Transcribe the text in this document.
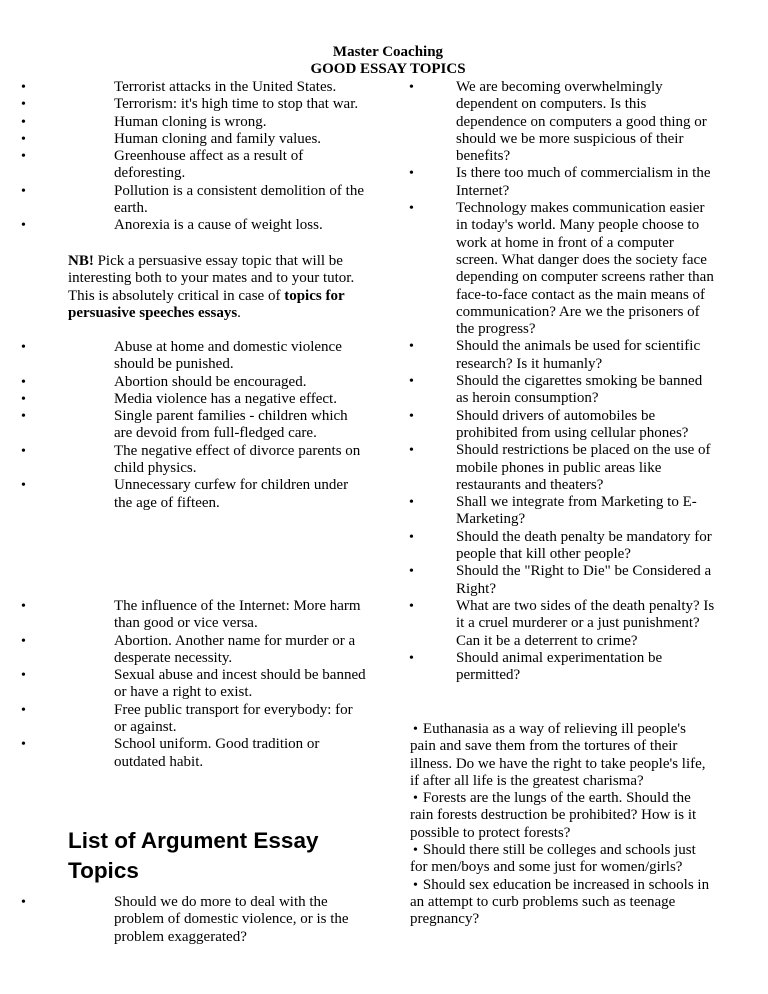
Master Coaching
GOOD ESSAY TOPICS
• Terrorist attacks in the United States.
• Terrorism: it's high time to stop that war.
• Human cloning is wrong.
• Human cloning and family values.
• Greenhouse affect as a result of deforesting.
• Pollution is a consistent demolition of the earth.
• Anorexia is a cause of weight loss.

NB! Pick a persuasive essay topic that will be interesting both to your mates and to your tutor. This is absolutely critical in case of topics for persuasive speeches essays.

• Abuse at home and domestic violence should be punished.
• Abortion should be encouraged.
• Media violence has a negative effect.
• Single parent families - children which are devoid from full-fledged care.
• The negative effect of divorce parents on child physics.
• Unnecessary curfew for children under the age of fifteen.
• The influence of the Internet: More harm than good or vice versa.
• Abortion. Another name for murder or a desperate necessity.
• Sexual abuse and incest should be banned or have a right to exist.
• Free public transport for everybody: for or against.
• School uniform. Good tradition or outdated habit.
List of Argument Essay Topics
• Should we do more to deal with the problem of domestic violence, or is the problem exaggerated?
• We are becoming overwhelmingly dependent on computers. Is this dependence on computers a good thing or should we be more suspicious of their benefits?
• Is there too much of commercialism in the Internet?
• Technology makes communication easier in today's world. Many people choose to work at home in front of a computer screen. What danger does the society face depending on computer screens rather than face-to-face contact as the main means of communication? Are we the prisoners of the progress?
• Should the animals be used for scientific research? Is it humanly?
• Should the cigarettes smoking be banned as heroin consumption?
• Should drivers of automobiles be prohibited from using cellular phones?
• Should restrictions be placed on the use of mobile phones in public areas like restaurants and theaters?
• Shall we integrate from Marketing to E-Marketing?
• Should the death penalty be mandatory for people that kill other people?
• Should the "Right to Die" be Considered a Right?
• What are two sides of the death penalty? Is it a cruel murderer or a just punishment? Can it be a deterrent to crime?
• Should animal experimentation be permitted?

• Euthanasia as a way of relieving ill people's pain and save them from the tortures of their illness. Do we have the right to take people's life, if after all life is the greatest charisma?

• Forests are the lungs of the earth. Should the rain forests destruction be prohibited? How is it possible to protect forests?

• Should there still be colleges and schools just for men/boys and some just for women/girls?

• Should sex education be increased in schools in an attempt to curb problems such as teenage pregnancy?
